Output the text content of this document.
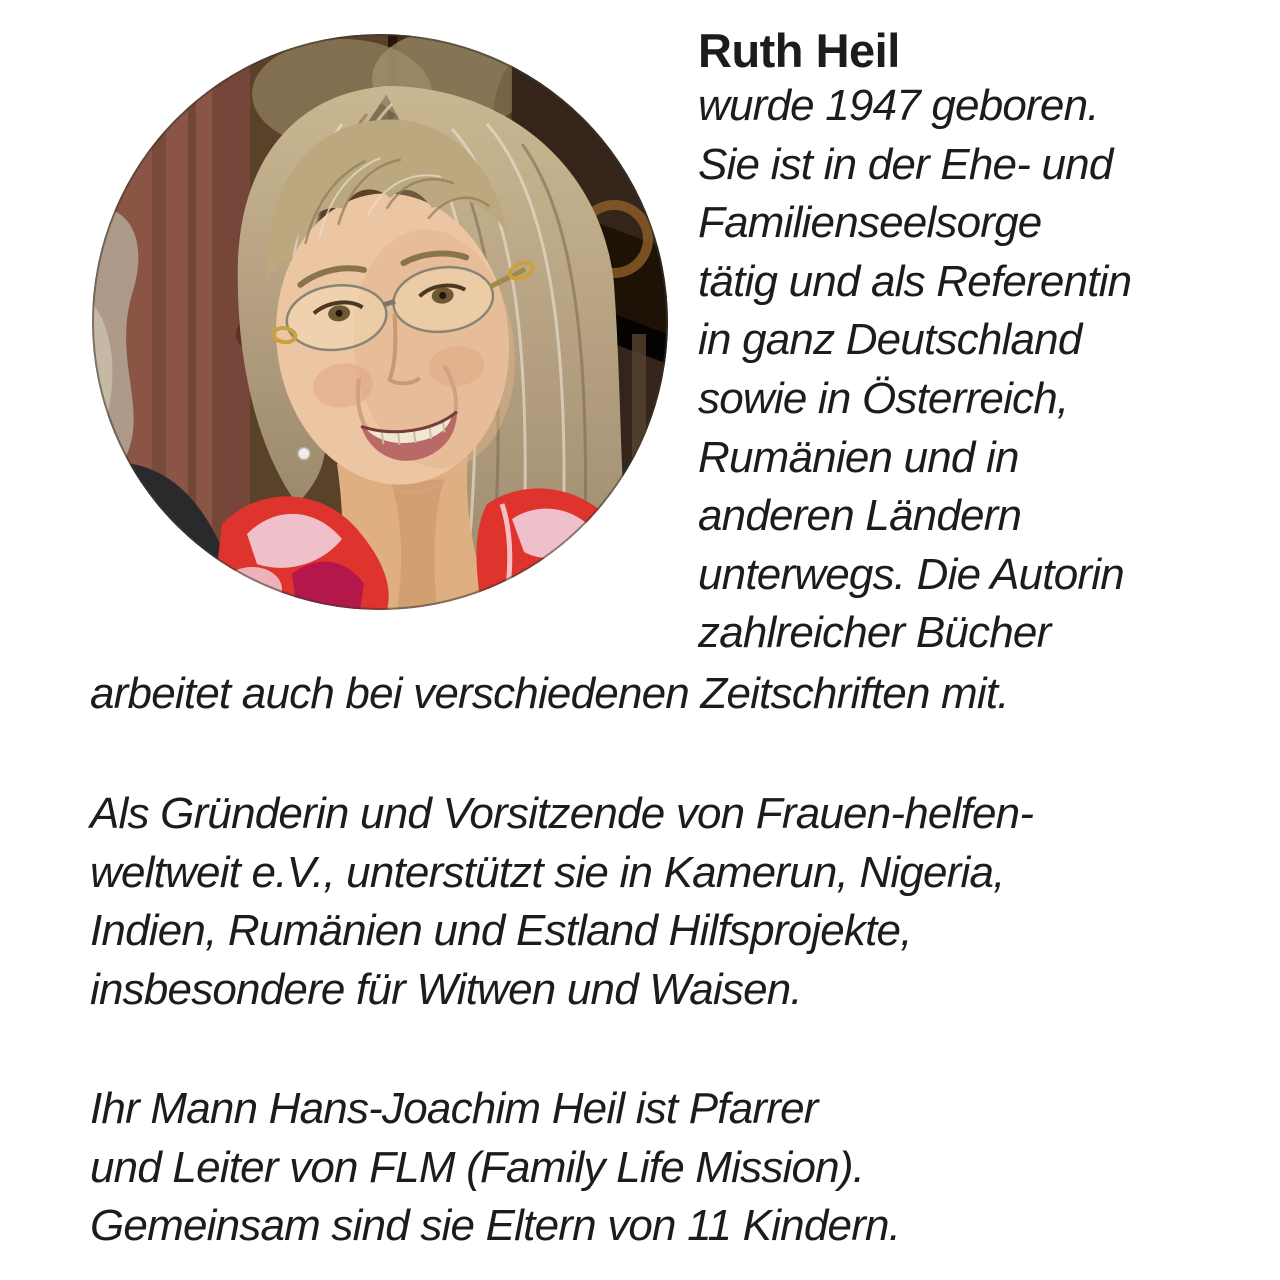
Ruth Heil
wurde 1947 geboren.
Sie ist in der Ehe- und
Familienseelsorge
tätig und als Referentin
in ganz Deutschland
sowie in Österreich,
Rumänien und in
anderen Ländern
unterwegs. Die Autorin
zahlreicher Bücher
arbeitet auch bei verschiedenen Zeitschriften mit.
Als Gründerin und Vorsitzende von Frauen-helfen-
weltweit e.V., unterstützt sie in Kamerun, Nigeria,
Indien, Rumänien und Estland Hilfsprojekte,
insbesondere für Witwen und Waisen.
Ihr Mann Hans-Joachim Heil ist Pfarrer
und Leiter von FLM (Family Life Mission).
Gemeinsam sind sie Eltern von 11 Kindern.
